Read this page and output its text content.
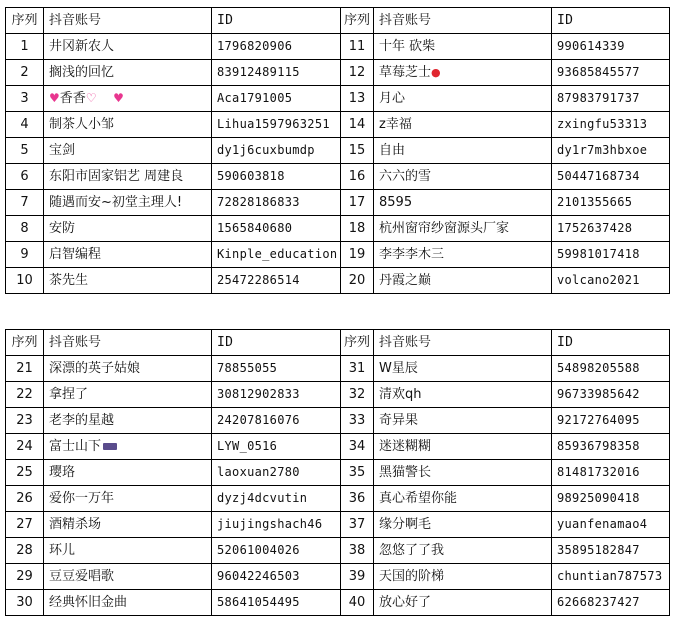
序列	抖音账号	ID	序列	抖音账号	ID
1	井冈新农人	1796820906	11	十年 砍柴	990614339
2	搁浅的回忆	83912489115	12	草莓芝士●	93685845577
3	♥香香♡ ♥	Aca1791005	13	月心	87983791737
4	制茶人小邹	Lihua1597963251	14	z幸福	zxingfu53313
5	宝剑	dy1j6cuxbumdp	15	自由	dy1r7m3hbxoe
6	东阳市固家铝艺 周建良	590603818	16	六六的雪	50447168734
7	随遇而安~初堂主理人!	72828186833	17	8595	2101355665
8	安防	1565840680	18	杭州窗帘纱窗源头厂家	1752637428
9	启智编程	Kinple_education	19	李李李木三	59981017418
10	茶先生	25472286514	20	丹霞之巅	volcano2021
序列	抖音账号	ID	序列	抖音账号	ID
21	深漂的英子姑娘	78855055	31	W星辰	54898205588
22	拿捏了	30812902833	32	清欢qh	96733985642
23	老李的星越	24207816076	33	奇异果	92172764095
24	富士山下	LYW_0516	34	迷迷糊糊	85936798358
25	璎珞	laoxuan2780	35	黑猫警长	81481732016
26	爱你一万年	dyzj4dcvutin	36	真心希望你能	98925090418
27	酒精杀场	jiujingshach46	37	缘分啊毛	yuanfenamao4
28	环儿	52061004026	38	忽悠了了我	35895182847
29	豆豆爱唱歌	96042246503	39	天国的阶梯	chuntian787573
30	经典怀旧金曲	58641054495	40	放心好了	62668237427
